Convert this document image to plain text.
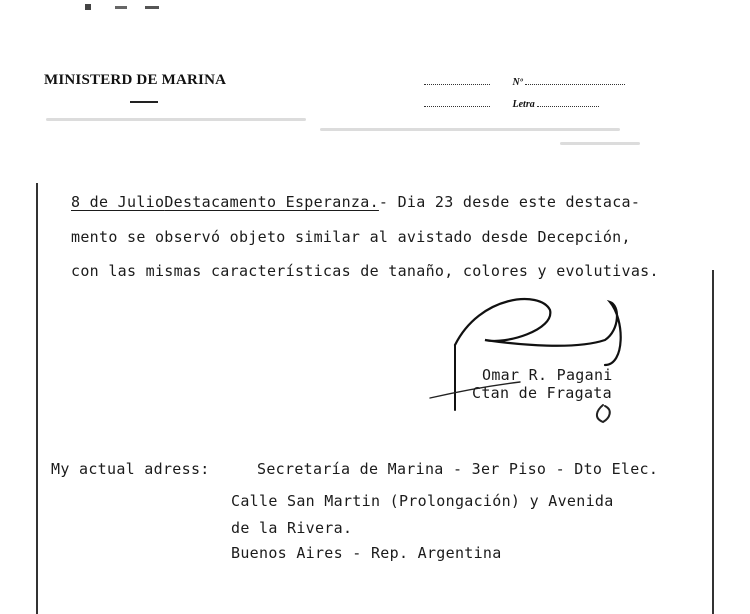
MINISTERD DE MARINA	Nº
Letra
8 de JulioDestacamento Esperanza.- Dia 23 desde este destaca-
mento se observó objeto similar al avistado desde Decepción,
con las mismas características de tanaño, colores y evolutivas.
Omar R. Pagani
Ctan de Fragata
My actual adress:	Secretaría de Marina - 3er Piso - Dto Elec.
Calle San Martin (Prolongación) y Avenida
de la Rivera.
Buenos Aires - Rep. Argentina
